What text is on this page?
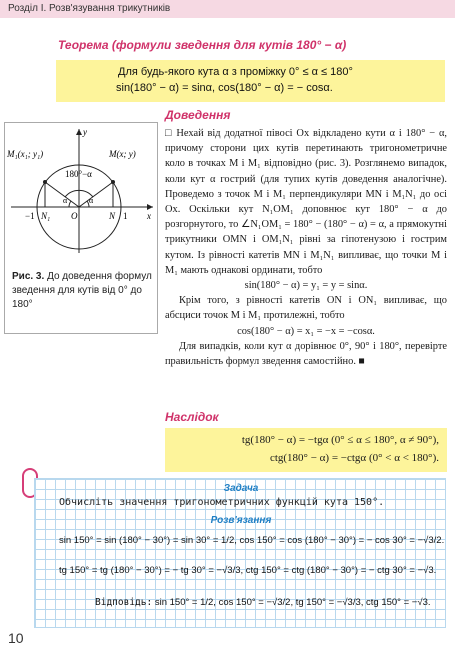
Розділ І. Розв'язування трикутників
Теорема (формули зведення для кутів 180° − α)
Для будь-якого кута α з проміжку 0° ≤ α ≤ 180°
sin(180° − α) = sinα, cos(180° − α) = − cosα.
y
M₁(x₁; y₁)	M(x; y)
180°−α
α
α
N₁ O	N	x
−1	1
Рис. 3. До доведення формул зведення для кутів від 0° до 180°
Доведення

□ Нехай від додатної півосі Ox відкладено кути α і 180° − α, причому сторони цих кутів перетинають тригонометричне коло в точках M і M₁ відповідно (рис. 3). Розглянемо випадок, коли кут α гострий (для тупих кутів доведення аналогічне). Проведемо з точок M і M₁ перпендикуляри MN і M₁N₁ до осі Ox. Оскільки кут N₁OM₁ доповнює кут 180° − α до розгорнутого, то ∠N₁OM₁ = 180° − (180° − α) = α, а прямокутні трикутники OMN і OM₁N₁ рівні за гіпотенузою і гострим кутом. Із рівності катетів MN і M₁N₁ випливає, що точки M і M₁ мають однакові ординати, тобто

sin(180° − α) = y₁ = y = sinα.

Крім того, з рівності катетів ON і ON₁ випливає, що абсциси точок M і M₁ протилежні, тобто

cos(180° − α) = x₁ = −x = −cosα.

Для випадків, коли кут α дорівнює 0°, 90° і 180°, перевірте правильність формул зведення самостійно. ■

Наслідок
tg(180° − α) = −tgα (0° ≤ α ≤ 180°, α ≠ 90°),
ctg(180° − α) = −ctgα (0° < α < 180°).
Задача
Обчисліть значення тригонометричних функцій кута 150°.
Розв'язання
sin 150° = sin (180° − 30°) = sin 30° = 1/2, cos 150° = cos (180° − 30°) = − cos 30° = −√3/2.
tg 150° = tg (180° − 30°) = − tg 30° = −√3/3, ctg 150° = ctg (180° − 30°) = − ctg 30° = −√3.
Відповідь: sin 150° = 1/2, cos 150° = −√3/2, tg 150° = −√3/3, ctg 150° = −√3.
10
